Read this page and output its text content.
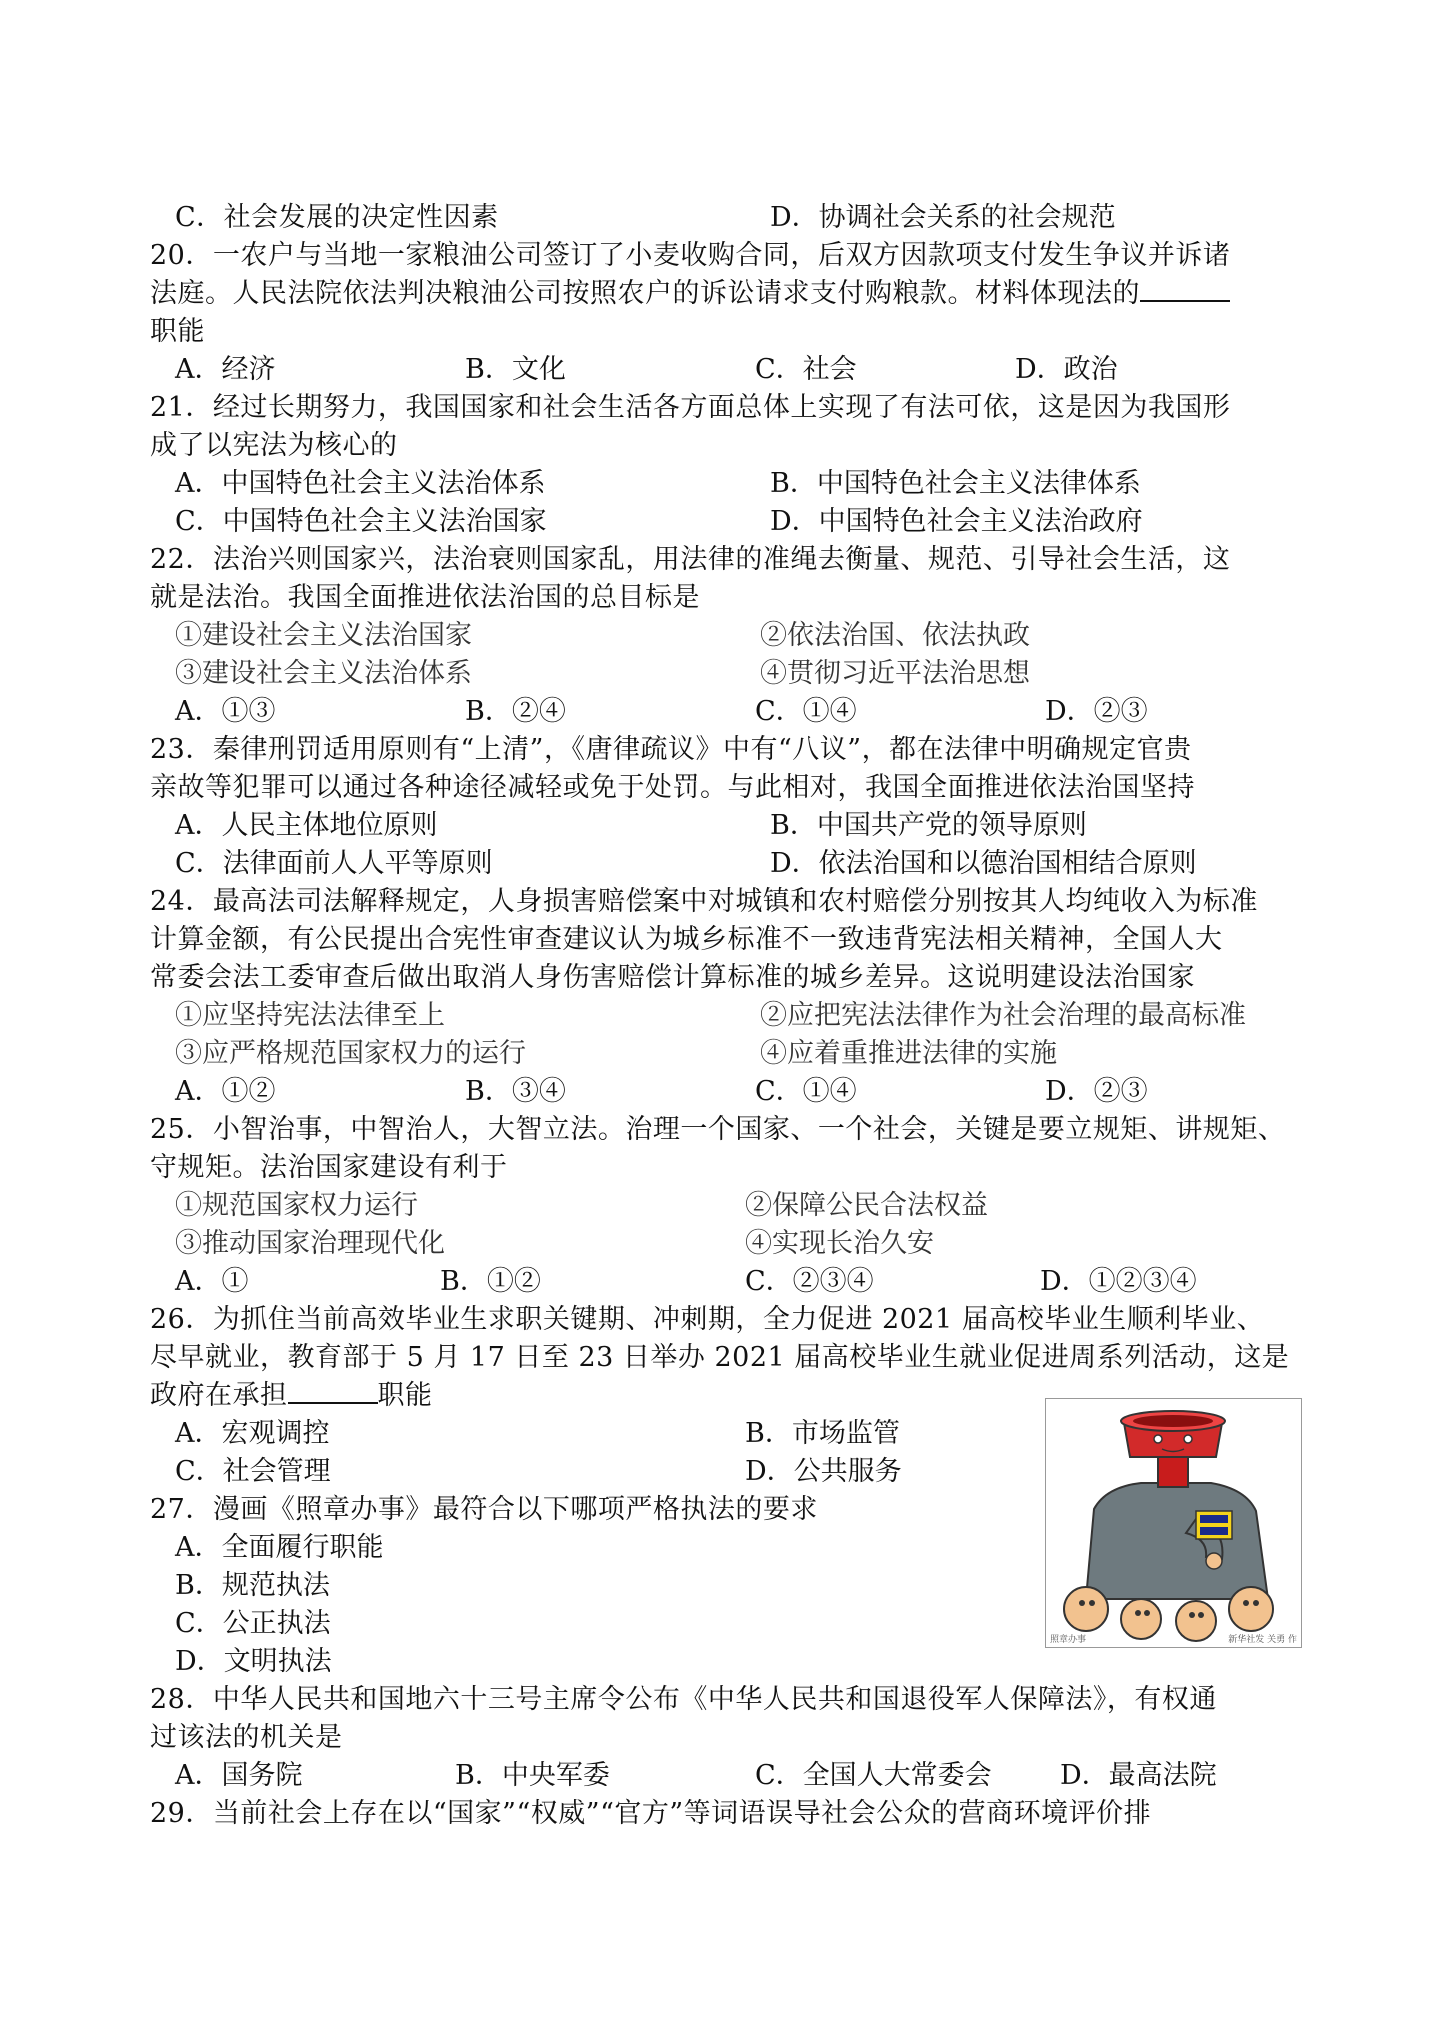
C．社会发展的决定性因素	D．协调社会关系的社会规范
20．一农户与当地一家粮油公司签订了小麦收购合同，后双方因款项支付发生争议并诉诸
法庭。人民法院依法判决粮油公司按照农户的诉讼请求支付购粮款。材料体现法的
职能
A．经济	B．文化	C．社会	D．政治
21．经过长期努力，我国国家和社会生活各方面总体上实现了有法可依，这是因为我国形
成了以宪法为核心的
A．中国特色社会主义法治体系	B．中国特色社会主义法律体系
C．中国特色社会主义法治国家	D．中国特色社会主义法治政府
22．法治兴则国家兴，法治衰则国家乱，用法律的准绳去衡量、规范、引导社会生活，这
就是法治。我国全面推进依法治国的总目标是
①建设社会主义法治国家	②依法治国、依法执政
③建设社会主义法治体系	④贯彻习近平法治思想
A．①③	B．②④	C．①④	D．②③
23．秦律刑罚适用原则有“上清”，《唐律疏议》中有“八议”，都在法律中明确规定官贵
亲故等犯罪可以通过各种途径减轻或免于处罚。与此相对，我国全面推进依法治国坚持
A．人民主体地位原则	B．中国共产党的领导原则
C．法律面前人人平等原则	D．依法治国和以德治国相结合原则
24．最高法司法解释规定，人身损害赔偿案中对城镇和农村赔偿分别按其人均纯收入为标准
计算金额，有公民提出合宪性审查建议认为城乡标准不一致违背宪法相关精神，全国人大
常委会法工委审查后做出取消人身伤害赔偿计算标准的城乡差异。这说明建设法治国家
①应坚持宪法法律至上	②应把宪法法律作为社会治理的最高标准
③应严格规范国家权力的运行	④应着重推进法律的实施
A．①②	B．③④	C．①④	D．②③
25．小智治事，中智治人，大智立法。治理一个国家、一个社会，关键是要立规矩、讲规矩、
守规矩。法治国家建设有利于
①规范国家权力运行	②保障公民合法权益
③推动国家治理现代化	④实现长治久安
A．①	B．①②	C．②③④	D．①②③④
26．为抓住当前高效毕业生求职关键期、冲刺期，全力促进 2021 届高校毕业生顺利毕业、
尽早就业，教育部于 5 月 17 日至 23 日举办 2021 届高校毕业生就业促进周系列活动，这是
政府在承担	职能
A．宏观调控	B．市场监管
C．社会管理	D．公共服务
27．漫画《照章办事》最符合以下哪项严格执法的要求
A．全面履行职能
B．规范执法
C．公正执法
D．文明执法
28．中华人民共和国地六十三号主席令公布《中华人民共和国退役军人保障法》，有权通
过该法的机关是
A．国务院	B．中央军委	C．全国人大常委会	D．最高法院
29．当前社会上存在以“国家”“权威”“官方”等词语误导社会公众的营商环境评价排
照章办事	新华社发 关勇 作
